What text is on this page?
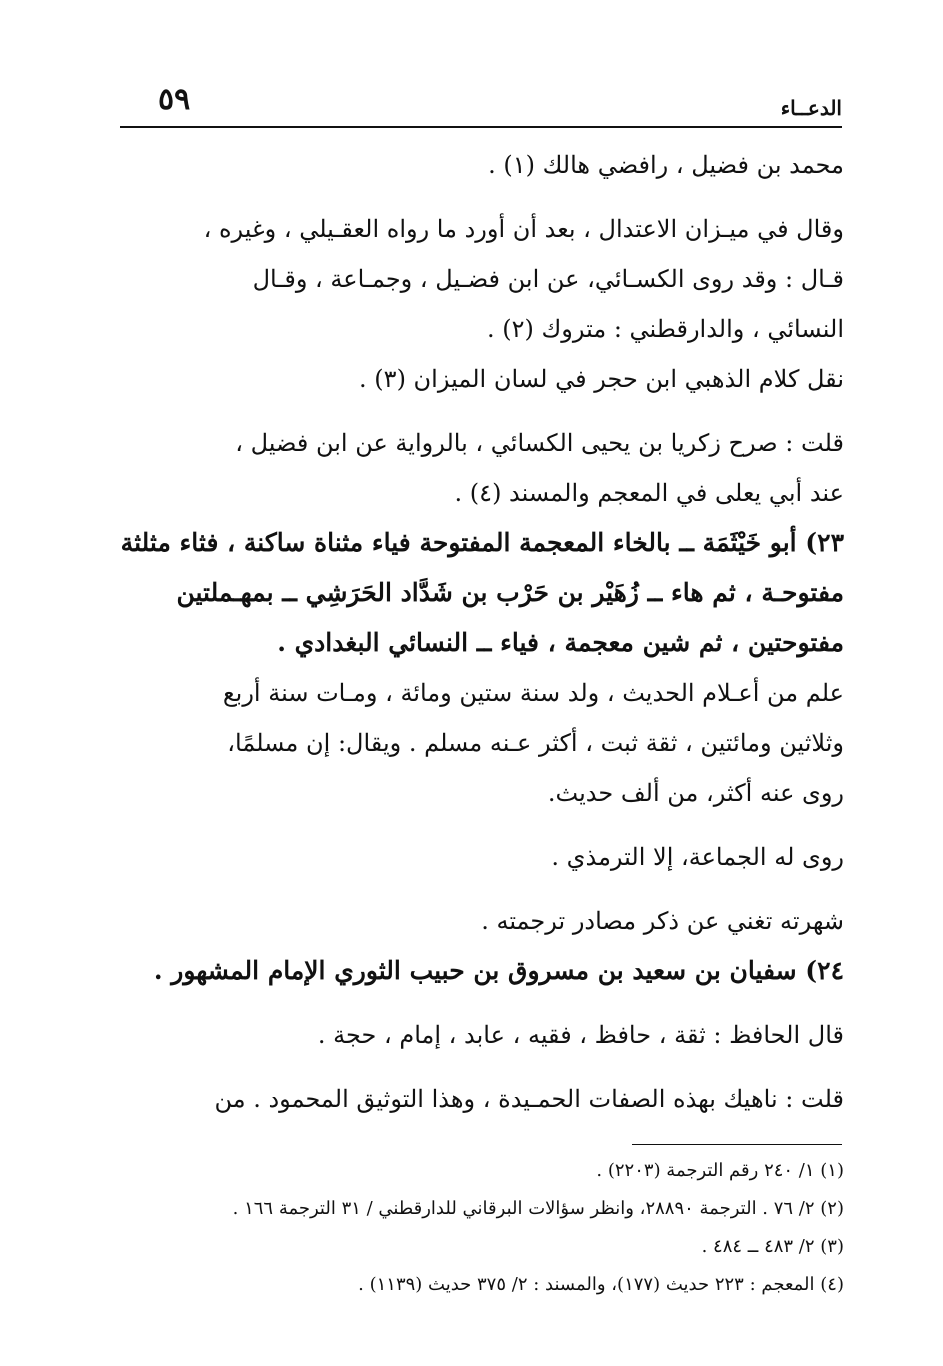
٥٩	الدعــاء
محمد بن فضيل ، رافضي هالك (١) .
وقال في ميـزان الاعتدال ، بعد أن أورد ما رواه العقـيلي ، وغيره ،
قـال : وقد روى الكسـائي، عن ابن فضـيل ، وجمـاعة ، وقـال
النسائي ، والدارقطني : متروك (٢) .
نقل كلام الذهبي ابن حجر في لسان الميزان (٣) .
قلت : صرح زكريا بن يحيى الكسائي ، بالرواية عن ابن فضيل ،
عند أبي يعلى في المعجم والمسند (٤) .
٢٣) أبو خَيْثَمَة ــ بالخاء المعجمة المفتوحة فياء مثناة ساكنة ، فثاء مثلثة
مفتوحـة ، ثم هاء ــ زُهَيْر بن حَرْب بن شَدَّاد الحَرَشِي ــ بمهـملتين
مفتوحتين ، ثم شين معجمة ، فياء ــ النسائي البغدادي .
علم من أعـلام الحديث ، ولد سنة ستين ومائة ، ومـات سنة أربع
وثلاثين ومائتين ، ثقة ثبت ، أكثر عـنه مسلم . ويقال: إن مسلمًا،
روى عنه أكثر، من ألف حديث.
روى له الجماعة، إلا الترمذي .
شهرته تغني عن ذكر مصادر ترجمته .
٢٤) سفيان بن سعيد بن مسروق بن حبيب الثوري الإمام المشهور .
قال الحافظ : ثقة ، حافظ ، فقيه ، عابد ، إمام ، حجة .
قلت : ناهيك بهذه الصفات الحمـيدة ، وهذا التوثيق المحمود . من
(١) ١/ ٢٤٠ رقم الترجمة (٢٢٠٣) .
(٢) ٢/ ٧٦ . الترجمة ٢٨٨٩٠، وانظر سؤالات البرقاني للدارقطني / ٣١ الترجمة ١٦٦ .
(٣) ٢/ ٤٨٣ ــ ٤٨٤ .
(٤) المعجم : ٢٢٣ حديث (١٧٧)، والمسند : ٢/ ٣٧٥ حديث (١١٣٩) .
